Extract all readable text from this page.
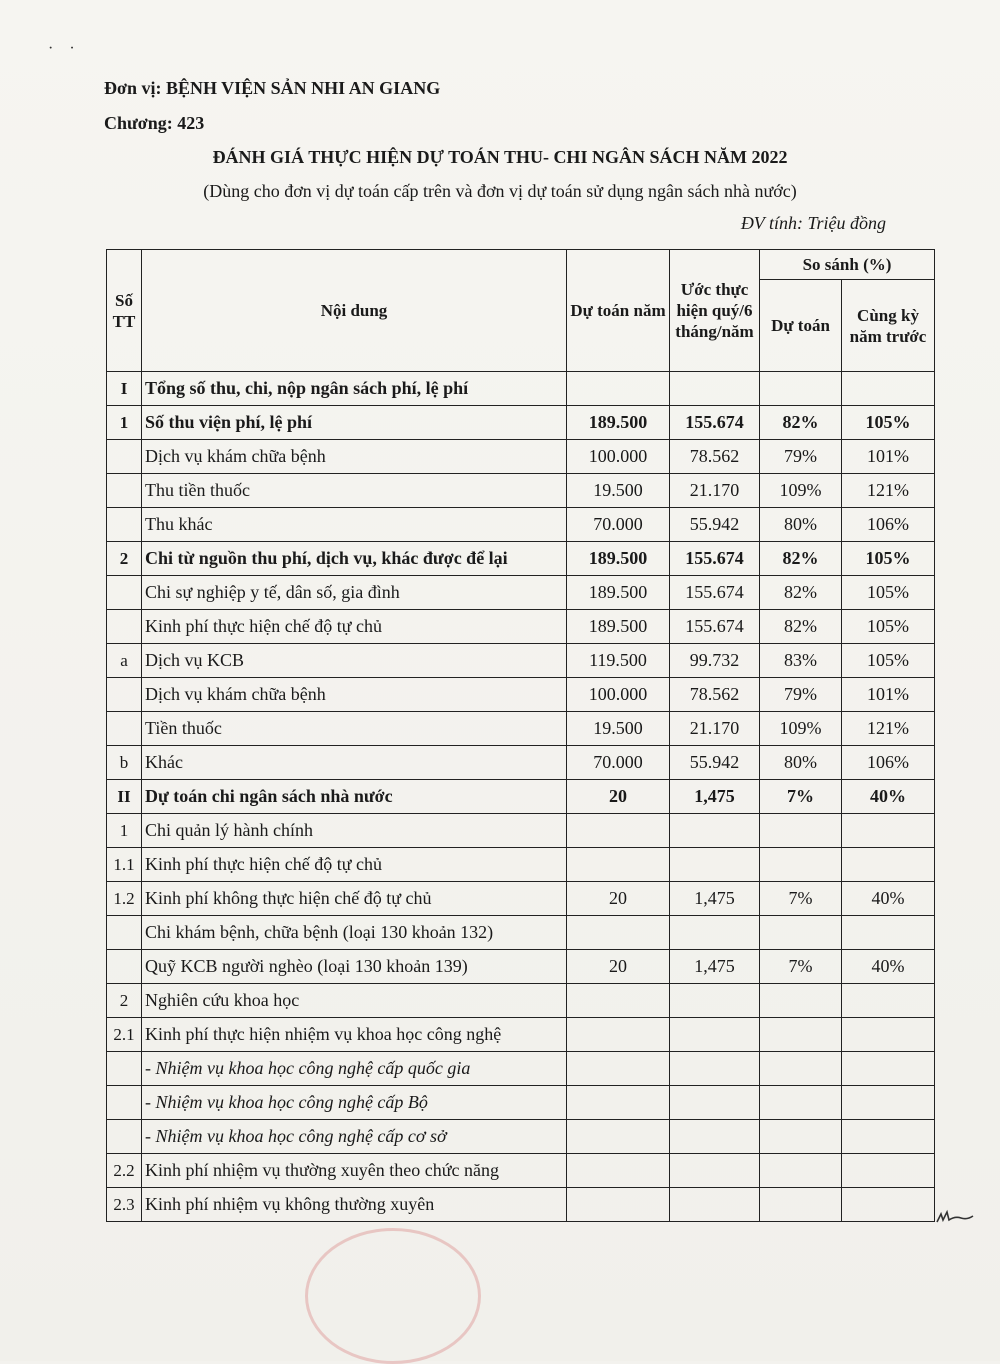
· ·
Đơn vị: BỆNH VIỆN SẢN NHI AN GIANG
Chương: 423
ĐÁNH GIÁ THỰC HIỆN DỰ TOÁN THU- CHI NGÂN SÁCH NĂM 2022
(Dùng cho đơn vị dự toán cấp trên và đơn vị dự toán sử dụng ngân sách nhà nước)
ĐV tính: Triệu đồng
Số TT	Nội dung	Dự toán năm	Ước thực hiện quý/6 tháng/năm	So sánh (%)	
				Dự toán	Cùng kỳ năm trước
I	Tổng số thu, chi, nộp ngân sách phí, lệ phí				
1	Số thu viện phí, lệ phí	189.500	155.674	82%	105%
	Dịch vụ khám chữa bệnh	100.000	78.562	79%	101%
	Thu tiền thuốc	19.500	21.170	109%	121%
	Thu khác	70.000	55.942	80%	106%
2	Chi từ nguồn thu phí, dịch vụ, khác được để lại	189.500	155.674	82%	105%
	Chi sự nghiệp y tế, dân số, gia đình	189.500	155.674	82%	105%
	Kinh phí thực hiện chế độ tự chủ	189.500	155.674	82%	105%
a	Dịch vụ KCB	119.500	99.732	83%	105%
	Dịch vụ khám chữa bệnh	100.000	78.562	79%	101%
	Tiền thuốc	19.500	21.170	109%	121%
b	Khác	70.000	55.942	80%	106%
II	Dự toán chi ngân sách nhà nước	20	1,475	7%	40%
1	Chi quản lý hành chính				
1.1	Kinh phí thực hiện chế độ tự chủ				
1.2	Kinh phí không thực hiện chế độ tự chủ	20	1,475	7%	40%
	Chi khám bệnh, chữa bệnh (loại 130 khoản 132)				
	Quỹ KCB người nghèo (loại 130 khoản 139)	20	1,475	7%	40%
2	Nghiên cứu khoa học				
2.1	Kinh phí thực hiện nhiệm vụ khoa học công nghệ				
	- Nhiệm vụ khoa học công nghệ cấp quốc gia				
	- Nhiệm vụ khoa học công nghệ cấp Bộ				
	- Nhiệm vụ khoa học công nghệ cấp cơ sở				
2.2	Kinh phí nhiệm vụ thường xuyên theo chức năng				
2.3	Kinh phí nhiệm vụ không thường xuyên				
